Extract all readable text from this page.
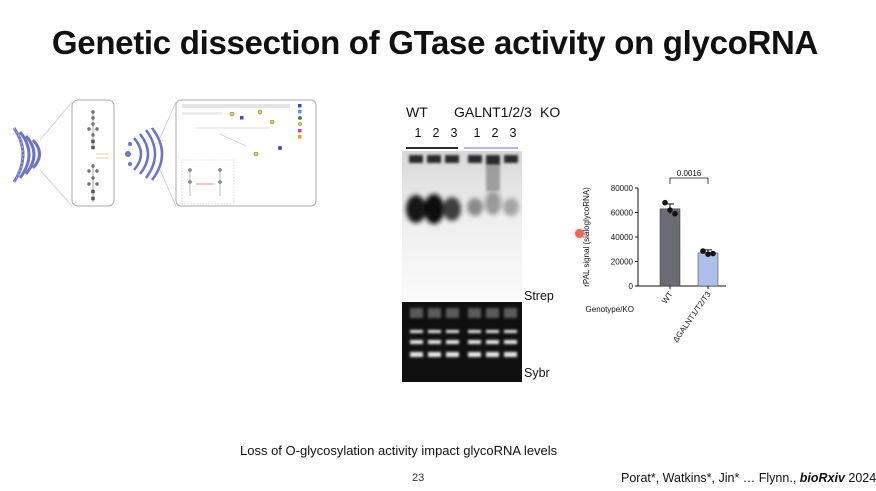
Genetic dissection of GTase activity on glycoRNA
WT GALNT1/2/3 KO
1 2 3 1 2 3
Strep
Sybr
0
20000
40000
60000
80000
rPAL signal (sialoglycoRNA)
0.0016
WT
ΔGALNT1/T2/T3
Genotype/KO
Loss of O-glycosylation activity impact glycoRNA levels
23	Porat*, Watkins*, Jin* … Flynn., bioRxiv 2024
